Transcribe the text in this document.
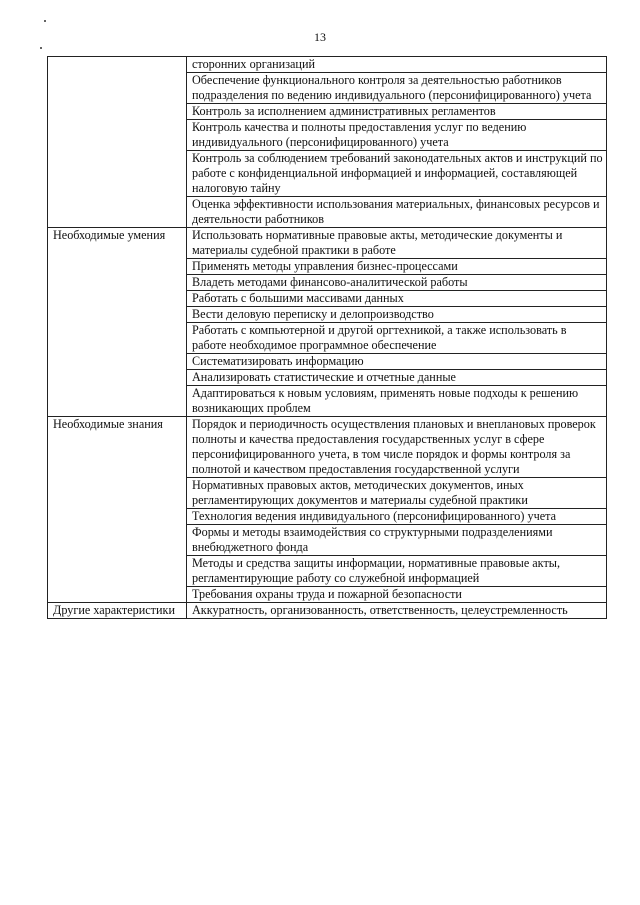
13
	сторонних организаций
	Обеспечение функционального контроля за деятельностью работников подразделения по ведению индивидуального (персонифицированного) учета
	Контроль за исполнением административных регламентов
	Контроль качества и полноты предоставления услуг по ведению индивидуального (персонифицированного) учета
	Контроль за соблюдением требований законодательных актов и инструкций по работе с конфиденциальной информацией и информацией, составляющей налоговую тайну
	Оценка эффективности использования материальных, финансовых ресурсов и деятельности работников
Необходимые умения	Использовать нормативные правовые акты, методические документы и материалы судебной практики в работе
	Применять методы управления бизнес-процессами
	Владеть методами финансово-аналитической работы
	Работать с большими массивами данных
	Вести деловую переписку и делопроизводство
	Работать с компьютерной и другой оргтехникой, а также использовать в работе необходимое программное обеспечение
	Систематизировать информацию
	Анализировать статистические и отчетные данные
	Адаптироваться к новым условиям, применять новые подходы к решению возникающих проблем
Необходимые знания	Порядок и периодичность осуществления плановых и внеплановых проверок полноты и качества предоставления государственных услуг в сфере персонифицированного учета, в том числе порядок и формы контроля за полнотой и качеством предоставления государственной услуги
	Нормативных правовых актов, методических документов, иных регламентирующих документов и материалы судебной практики
	Технология ведения индивидуального (персонифицированного) учета
	Формы и методы взаимодействия со структурными подразделениями внебюджетного фонда
	Методы и средства защиты информации, нормативные правовые акты, регламентирующие работу со служебной информацией
	Требования охраны труда и пожарной безопасности
Другие характеристики	Аккуратность, организованность, ответственность, целеустремленность
